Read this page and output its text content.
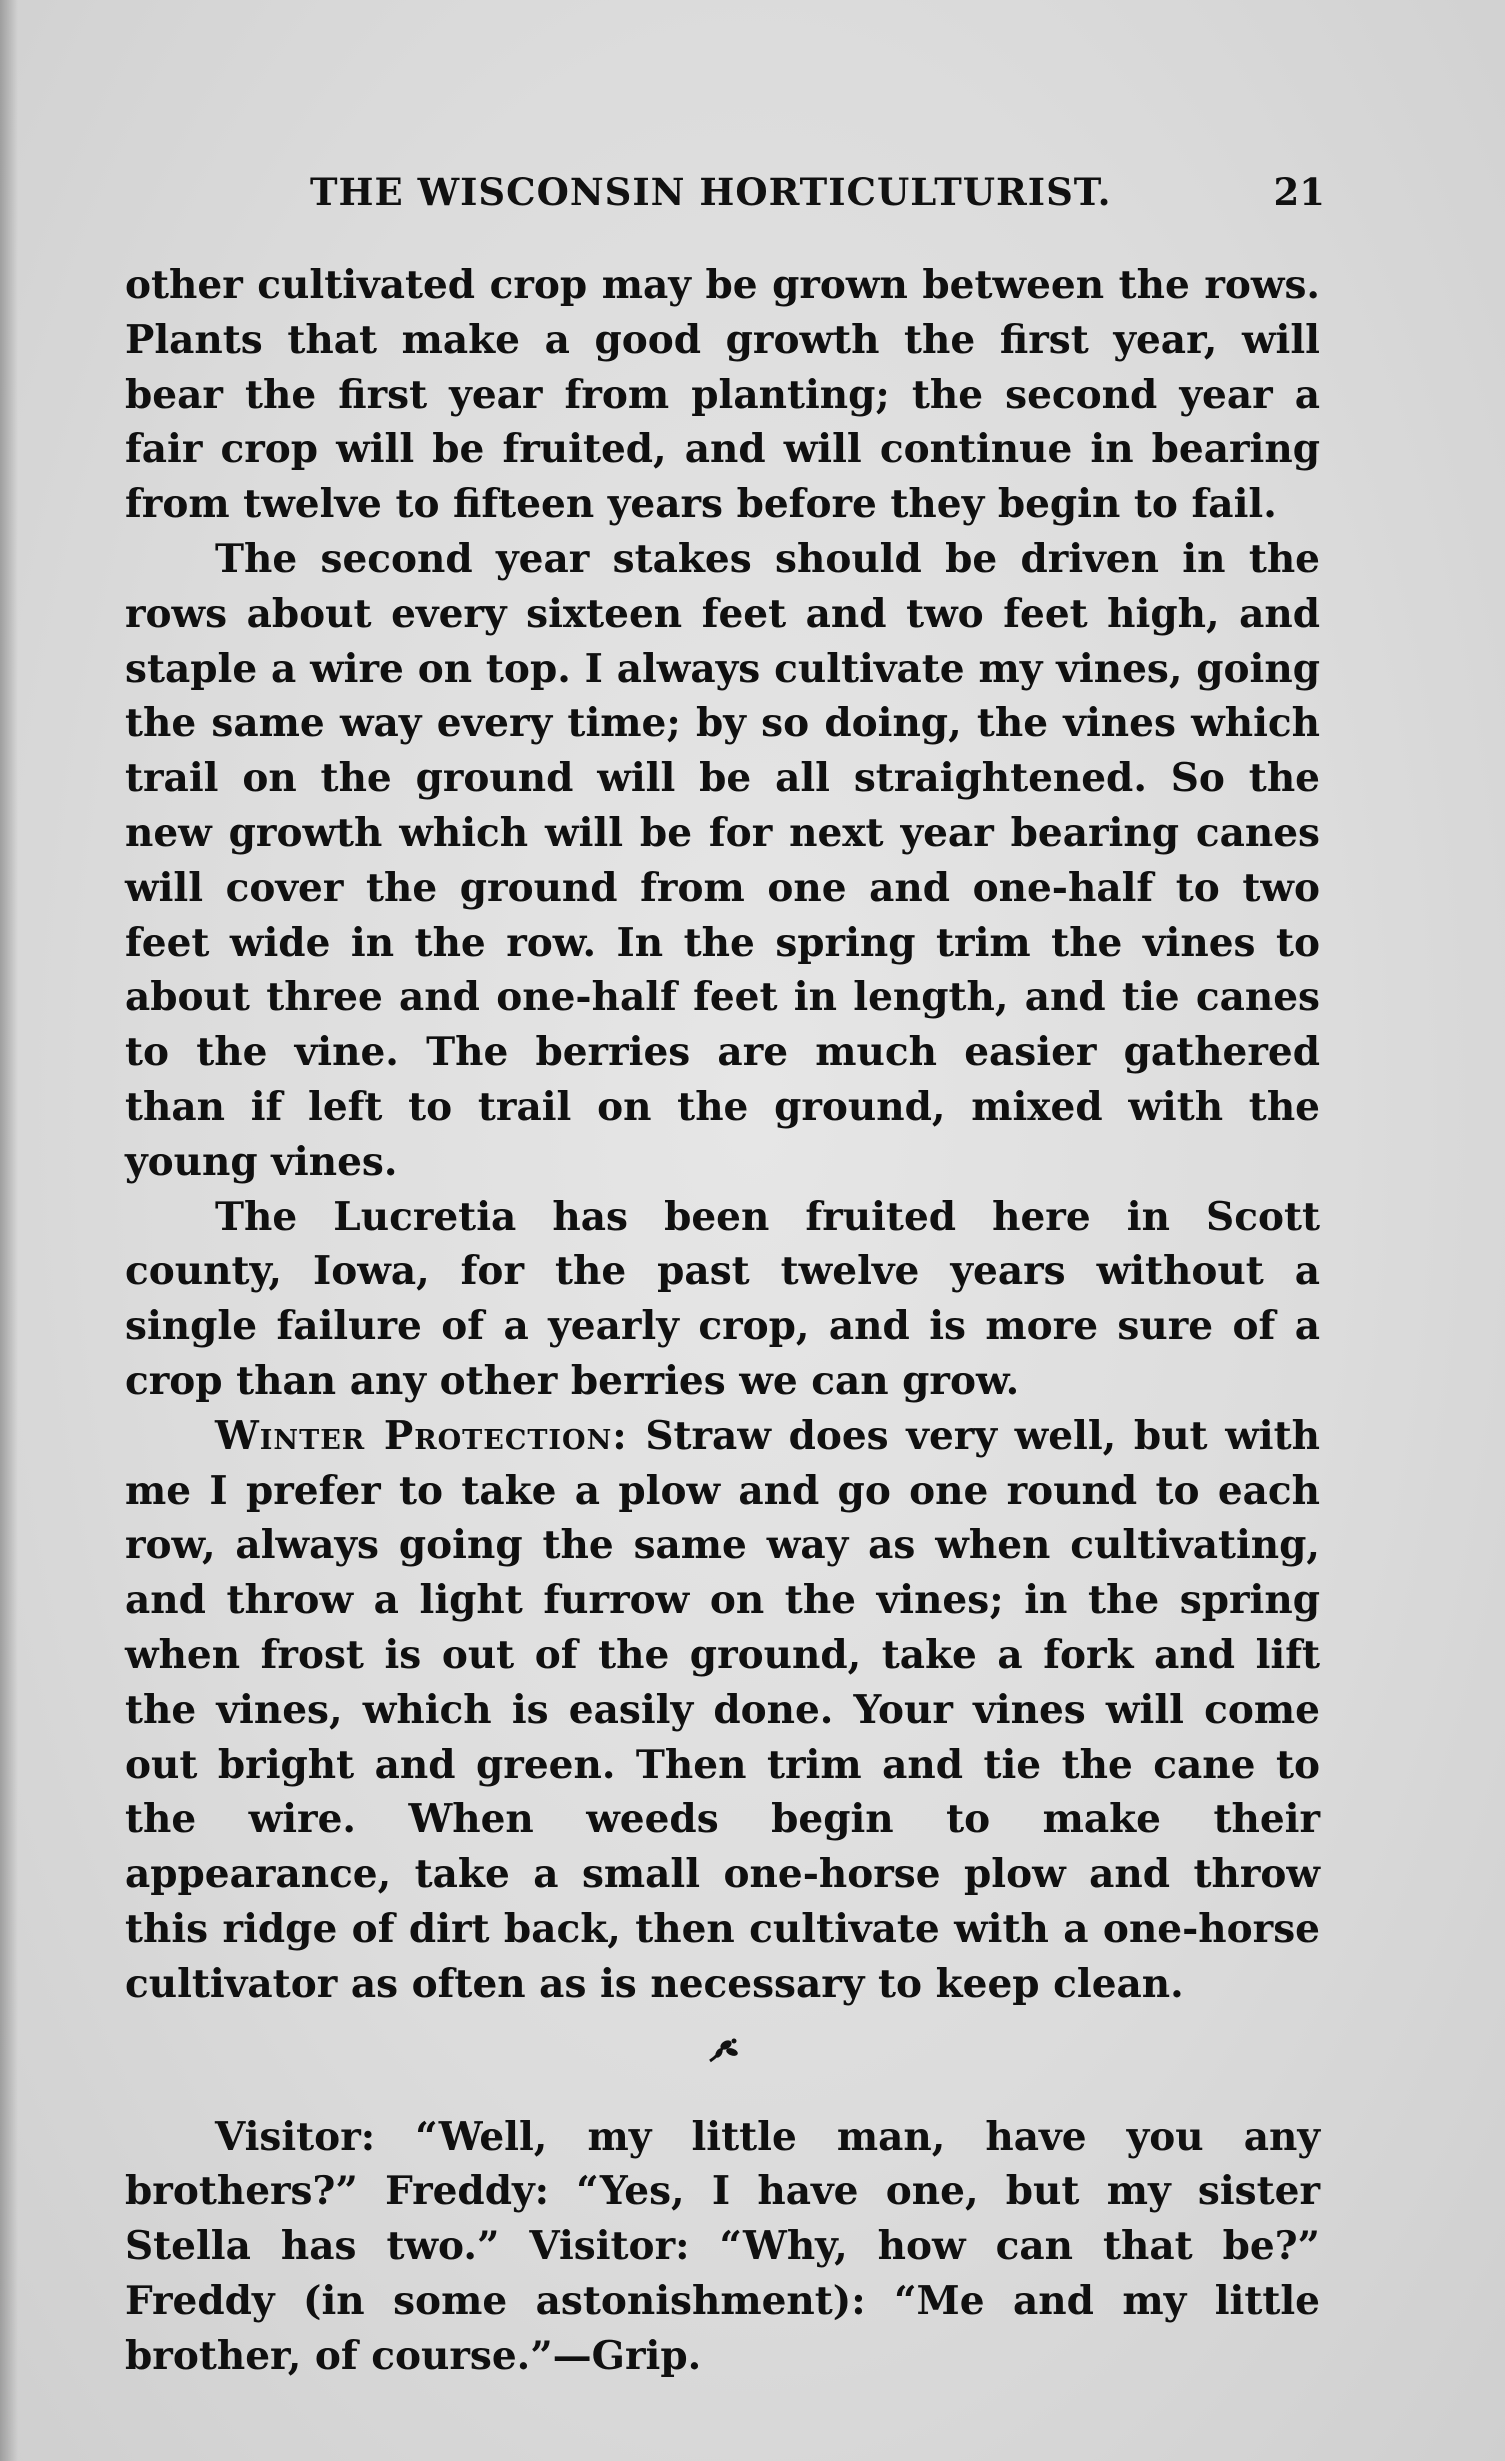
THE WISCONSIN HORTICULTURIST.	21

other cultivated crop may be grown between the rows. Plants that make a good growth the first year, will bear the first year from planting; the second year a fair crop will be fruited, and will continue in bearing from twelve to fifteen years before they begin to fail.

The second year stakes should be driven in the rows about every sixteen feet and two feet high, and staple a wire on top. I always cultivate my vines, going the same way every time; by so doing, the vines which trail on the ground will be all straightened. So the new growth which will be for next year bearing canes will cover the ground from one and one-half to two feet wide in the row. In the spring trim the vines to about three and one-half feet in length, and tie canes to the vine. The berries are much easier gathered than if left to trail on the ground, mixed with the young vines.

The Lucretia has been fruited here in Scott county, Iowa, for the past twelve years without a single failure of a yearly crop, and is more sure of a crop than any other berries we can grow.

Winter Protection: Straw does very well, but with me I prefer to take a plow and go one round to each row, always going the same way as when cultivating, and throw a light furrow on the vines; in the spring when frost is out of the ground, take a fork and lift the vines, which is easily done. Your vines will come out bright and green. Then trim and tie the cane to the wire. When weeds begin to make their appearance, take a small one-horse plow and throw this ridge of dirt back, then cultivate with a one-horse cultivator as often as is necessary to keep clean.

Visitor: “Well, my little man, have you any brothers?” Freddy: “Yes, I have one, but my sister Stella has two.” Visitor: “Why, how can that be?” Freddy (in some astonishment): “Me and my little brother, of course.”—Grip.
